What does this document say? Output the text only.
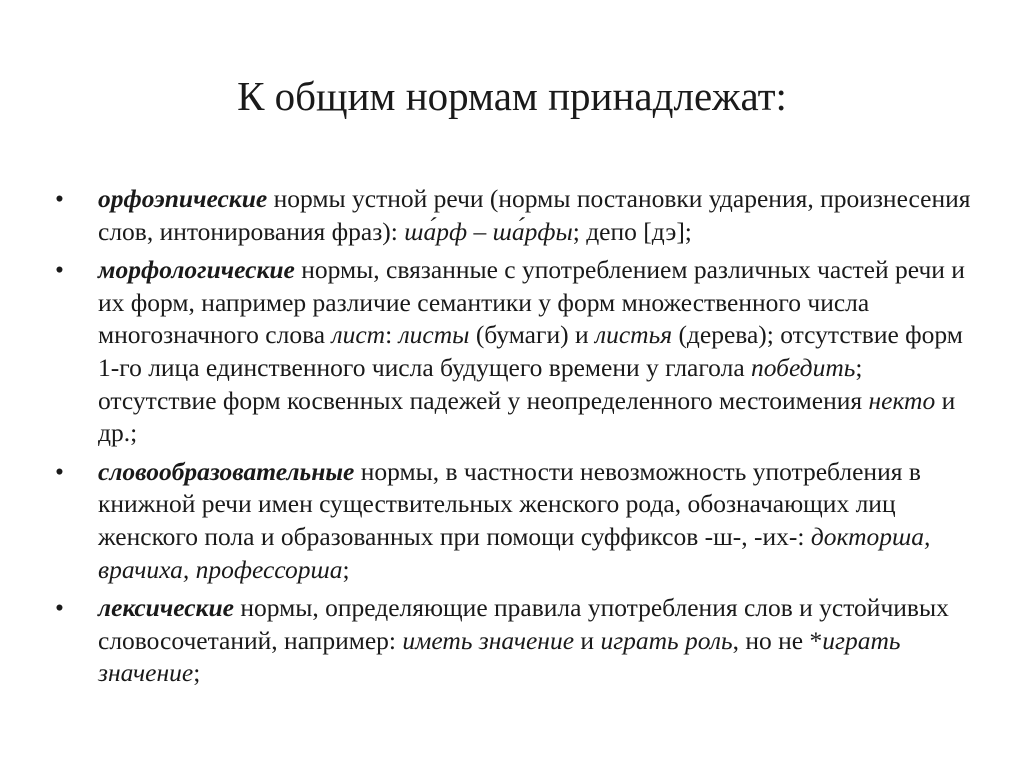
К общим нормам принадлежат:
• орфоэпические нормы устной речи (нормы постановки ударения, произнесения слов, интонирования фраз): ша́рф – ша́рфы; депо [дэ];
• морфологические нормы, связанные с употреблением различных частей речи и их форм, например различие семантики у форм множественного числа многозначного слова лист: листы (бумаги) и листья (дерева); отсутствие форм 1-го лица единственного числа будущего времени у глагола победить; отсутствие форм косвенных падежей у неопределенного местоимения некто и др.;
• словообразовательные нормы, в частности невозможность употребления в книжной речи имен существительных женского рода, обозначающих лиц женского пола и образованных при помощи суффиксов -ш-, -их-: докторша, врачиха, профессорша;
• лексические нормы, определяющие правила употребления слов и устойчивых словосочетаний, например: иметь значение и играть роль, но не *играть значение;
